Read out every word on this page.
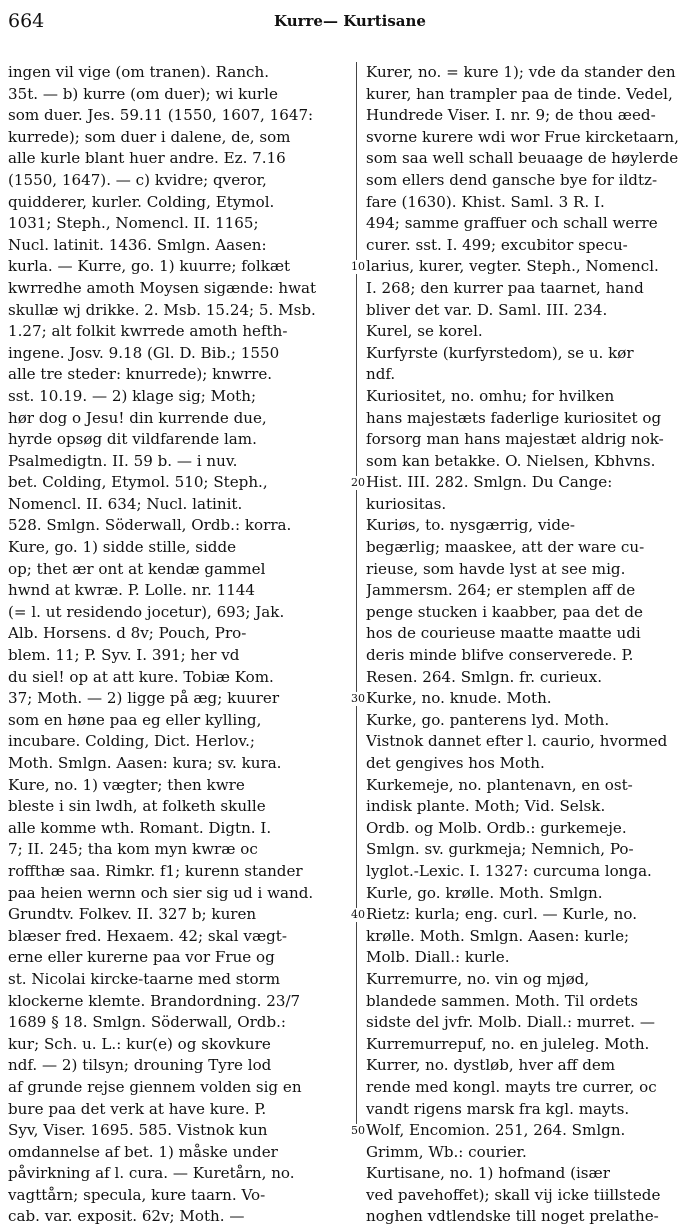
664	Kurre— Kurtisane
ingen vil vige (om tranen). Ranch.
35t. — b) kurre (om duer); wi kurle
som duer. Jes. 59.11 (1550, 1607, 1647:
kurrede); som duer i dalene, de, som
alle kurle blant huer andre. Ez. 7.16
(1550, 1647). — c) kvidre; qveror,
quidderer, kurler. Colding, Etymol.
1031; Steph., Nomencl. II. 1165;
Nucl. latinit. 1436. Smlgn. Aasen:
kurla. — Kurre, go. 1) kuurre; folkæt
kwrredhe amoth Moysen sigænde: hwat
skullæ wj drikke. 2. Msb. 15.24; 5. Msb.
1.27; alt folkit kwrrede amoth hefth-
ingene. Josv. 9.18 (Gl. D. Bib.; 1550
alle tre steder: knurrede); knwrre.
sst. 10.19. — 2) klage sig; Moth;
hør dog o Jesu! din kurrende due,
hyrde opsøg dit vildfarende lam.
Psalmedigtn. II. 59 b. — i nuv.
bet. Colding, Etymol. 510; Steph.,
Nomencl. II. 634; Nucl. latinit.
528. Smlgn. Söderwall, Ordb.: korra.
Kure, go. 1) sidde stille, sidde
op; thet ær ont at kendæ gammel
hwnd at kwræ. P. Lolle. nr. 1144
(= l. ut residendo jocetur), 693; Jak.
Alb. Horsens. d 8v; Pouch, Pro-
blem. 11; P. Syv. I. 391; her vd
du siel! op at att kure. Tobiæ Kom.
37; Moth. — 2) ligge på æg; kuurer
som en høne paa eg eller kylling,
incubare. Colding, Dict. Herlov.;
Moth. Smlgn. Aasen: kura; sv. kura.
Kure, no. 1) vægter; then kwre
bleste i sin lwdh, at folketh skulle
alle komme wth. Romant. Digtn. I.
7; II. 245; tha kom myn kwræ oc
roffthæ saa. Rimkr. f1; kurenn stander
paa heien wernn och sier sig ud i wand.
Grundtv. Folkev. II. 327 b; kuren
blæser fred. Hexaem. 42; skal vægt-
erne eller kurerne paa vor Frue og
st. Nicolai kircke-taarne med storm
klockerne klemte. Brandordning. 23/7
1689 § 18. Smlgn. Söderwall, Ordb.:
kur; Sch. u. L.: kur(e) og skovkure
ndf. — 2) tilsyn; drouning Tyre lod
af grunde rejse giennem volden sig en
bure paa det verk at have kure. P.
Syv, Viser. 1695. 585. Vistnok kun
omdannelse af bet. 1) måske under
påvirkning af l. cura. — Kuretårn, no.
vagttårn; specula, kure taarn. Vo-
cab. var. exposit. 62v; Moth. —
Kurer, no. = kure 1); vde da stander den
kurer, han trampler paa de tinde. Vedel,
Hundrede Viser. I. nr. 9; de thou æed-
svorne kurere wdi wor Frue kircketaarn,
som saa well schall beuaage de høylerde
som ellers dend gansche bye for ildtz-
fare (1630). Khist. Saml. 3 R. I.
494; samme graffuer och schall werre
curer. sst. I. 499; excubitor specu-
larius, kurer, vegter. Steph., Nomencl.
I. 268; den kurrer paa taarnet, hand
bliver det var. D. Saml. III. 234.
Kurel, se korel.
Kurfyrste (kurfyrstedom), se u. kør
ndf.
Kuriositet, no. omhu; for hvilken
hans majestæts faderlige kuriositet og
forsorg man hans majestæt aldrig nok-
som kan betakke. O. Nielsen, Kbhvns.
Hist. III. 282. Smlgn. Du Cange:
kuriositas.
Kuriøs, to. nysgærrig, vide-
begærlig; maaskee, att der ware cu-
rieuse, som havde lyst at see mig.
Jammersm. 264; er stemplen aff de
penge stucken i kaabber, paa det de
hos de courieuse maatte maatte udi
deris minde blifve conserverede. P.
Resen. 264. Smlgn. fr. curieux.
Kurke, no. knude. Moth.
Kurke, go. panterens lyd. Moth.
Vistnok dannet efter l. caurio, hvormed
det gengives hos Moth.
Kurkemeje, no. plantenavn, en ost-
indisk plante. Moth; Vid. Selsk.
Ordb. og Molb. Ordb.: gurkemeje.
Smlgn. sv. gurkmeja; Nemnich, Po-
lyglot.-Lexic. I. 1327: curcuma longa.
Kurle, go. krølle. Moth. Smlgn.
Rietz: kurla; eng. curl. — Kurle, no.
krølle. Moth. Smlgn. Aasen: kurle;
Molb. Diall.: kurle.
Kurremurre, no. vin og mjød,
blandede sammen. Moth. Til ordets
sidste del jvfr. Molb. Diall.: murret. —
Kurremurrepuf, no. en juleleg. Moth.
Kurrer, no. dystløb, hver aff dem
rende med kongl. mayts tre currer, oc
vandt rigens marsk fra kgl. mayts.
Wolf, Encomion. 251, 264. Smlgn.
Grimm, Wb.: courier.
Kurtisane, no. 1) hofmand (især
ved pavehoffet); skall vij icke tiillstede
noghen vdtlendske till noget prelathe-
10
20
30
40
50
